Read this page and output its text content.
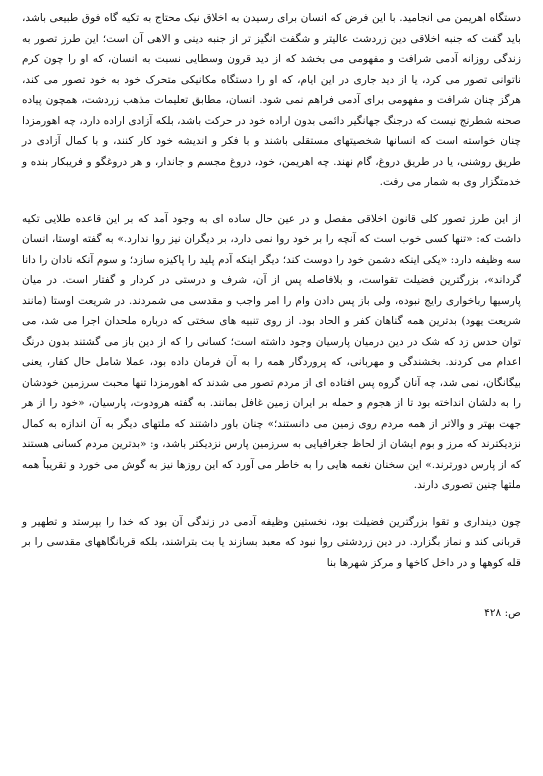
دستگاه اهریمن می انجامید. با این فرض که انسان برای رسیدن به اخلاق نیک محتاج به تکیه گاه فوق طبیعی باشد، باید گفت که جنبه اخلاقی دین زردشت عالیتر و شگفت انگیز تر از جنبه دینی و الاهی آن است؛ این طرز تصور به زندگی روزانه آدمی شرافت و مفهومی می بخشد که از دید قرون وسطایی نسبت به انسان، که او را چون کرم ناتوانی تصور می کرد، یا از دید جاری در این ایام، که او را دستگاه مکانیکی متحرک خود به خود تصور می کند، هرگز چنان شرافت و مفهومی برای آدمی فراهم نمی شود. انسان، مطابق تعلیمات مذهب زردشت، همچون پیاده صحنه شطرنج نیست که درجنگ جهانگیر دائمی بدون اراده خود در حرکت باشد، بلکه آزادی اراده دارد، چه اهورمزدا چنان خواسته است که انسانها شخصیتهای مستقلی باشند و با فکر و اندیشه خود کار کنند، و با کمال آزادی در طریق روشنی، یا در طریق دروغ، گام نهند. چه اهریمن، خود، دروغ مجسم و جاندار، و هر دروغگو و فریبکار بنده و خدمتگزار وی به شمار می رفت.

از این طرز تصور کلی قانون اخلاقی مفصل و در عین حال ساده ای به وجود آمد که بر این قاعده طلایی تکیه داشت که: «تنها کسی خوب است که آنچه را بر خود روا نمی دارد، بر دیگران نیز روا ندارد.» به گفته اوستا، انسان سه وظیفه دارد: «یکی اینکه دشمن خود را دوست کند؛ دیگر اینکه آدم پلید را پاکیزه سازد؛ و سوم آنکه نادان را دانا گرداند»، بزرگترین فضیلت تقواست، و بلافاصله پس از آن، شرف و درستی در کردار و گفتار است. در میان پارسیها رباخواری رایج نبوده، ولی باز پس دادن وام را امر واجب و مقدسی می شمردند. در شریعت اوستا (مانند شریعت یهود) بدترین همه گناهان کفر و الحاد بود. از روی تنبیه های سختی که درباره ملحدان اجرا می شد، می توان حدس زد که شک در دین درمیان پارسیان وجود داشته است؛ کسانی را که از دین باز می گشتند بدون درنگ اعدام می کردند. بخشندگی و مهربانی، که پروردگار همه را به آن فرمان داده بود، عملا شامل حال کفار، یعنی بیگانگان، نمی شد، چه آنان گروه پس افتاده ای از مردم تصور می شدند که اهورمزدا تنها محبت سرزمین خودشان را به دلشان انداخته بود تا از هجوم و حمله بر ایران زمین غافل بمانند. به گفته هرودوت، پارسیان، «خود را از هر جهت بهتر و والاتر از همه مردم روی زمین می دانستند؛» چنان باور داشتند که ملتهای دیگر به آن اندازه به کمال نزدیکترند که مرز و بوم ایشان از لحاظ جغرافیایی به سرزمین پارس نزدیکتر باشد، و: «بدترین مردم کسانی هستند که از پارس دورترند.» این سخنان نغمه هایی را به خاطر می آورد که این روزها نیز به گوش می خورد و تقریباً همه ملتها چنین تصوری دارند.

چون دینداری و تقوا بزرگترین فضیلت بود، نخستین وظیفه آدمی در زندگی آن بود که خدا را بپرستد و تطهیر و قربانی کند و نماز بگزارد. در دین زردشتی روا نبود که معبد بسازند یا بت بتراشند، بلکه قربانگاههای مقدسی را بر قله کوهها و در داخل کاخها و مرکز شهرها بنا

ص: ۴۲۸
